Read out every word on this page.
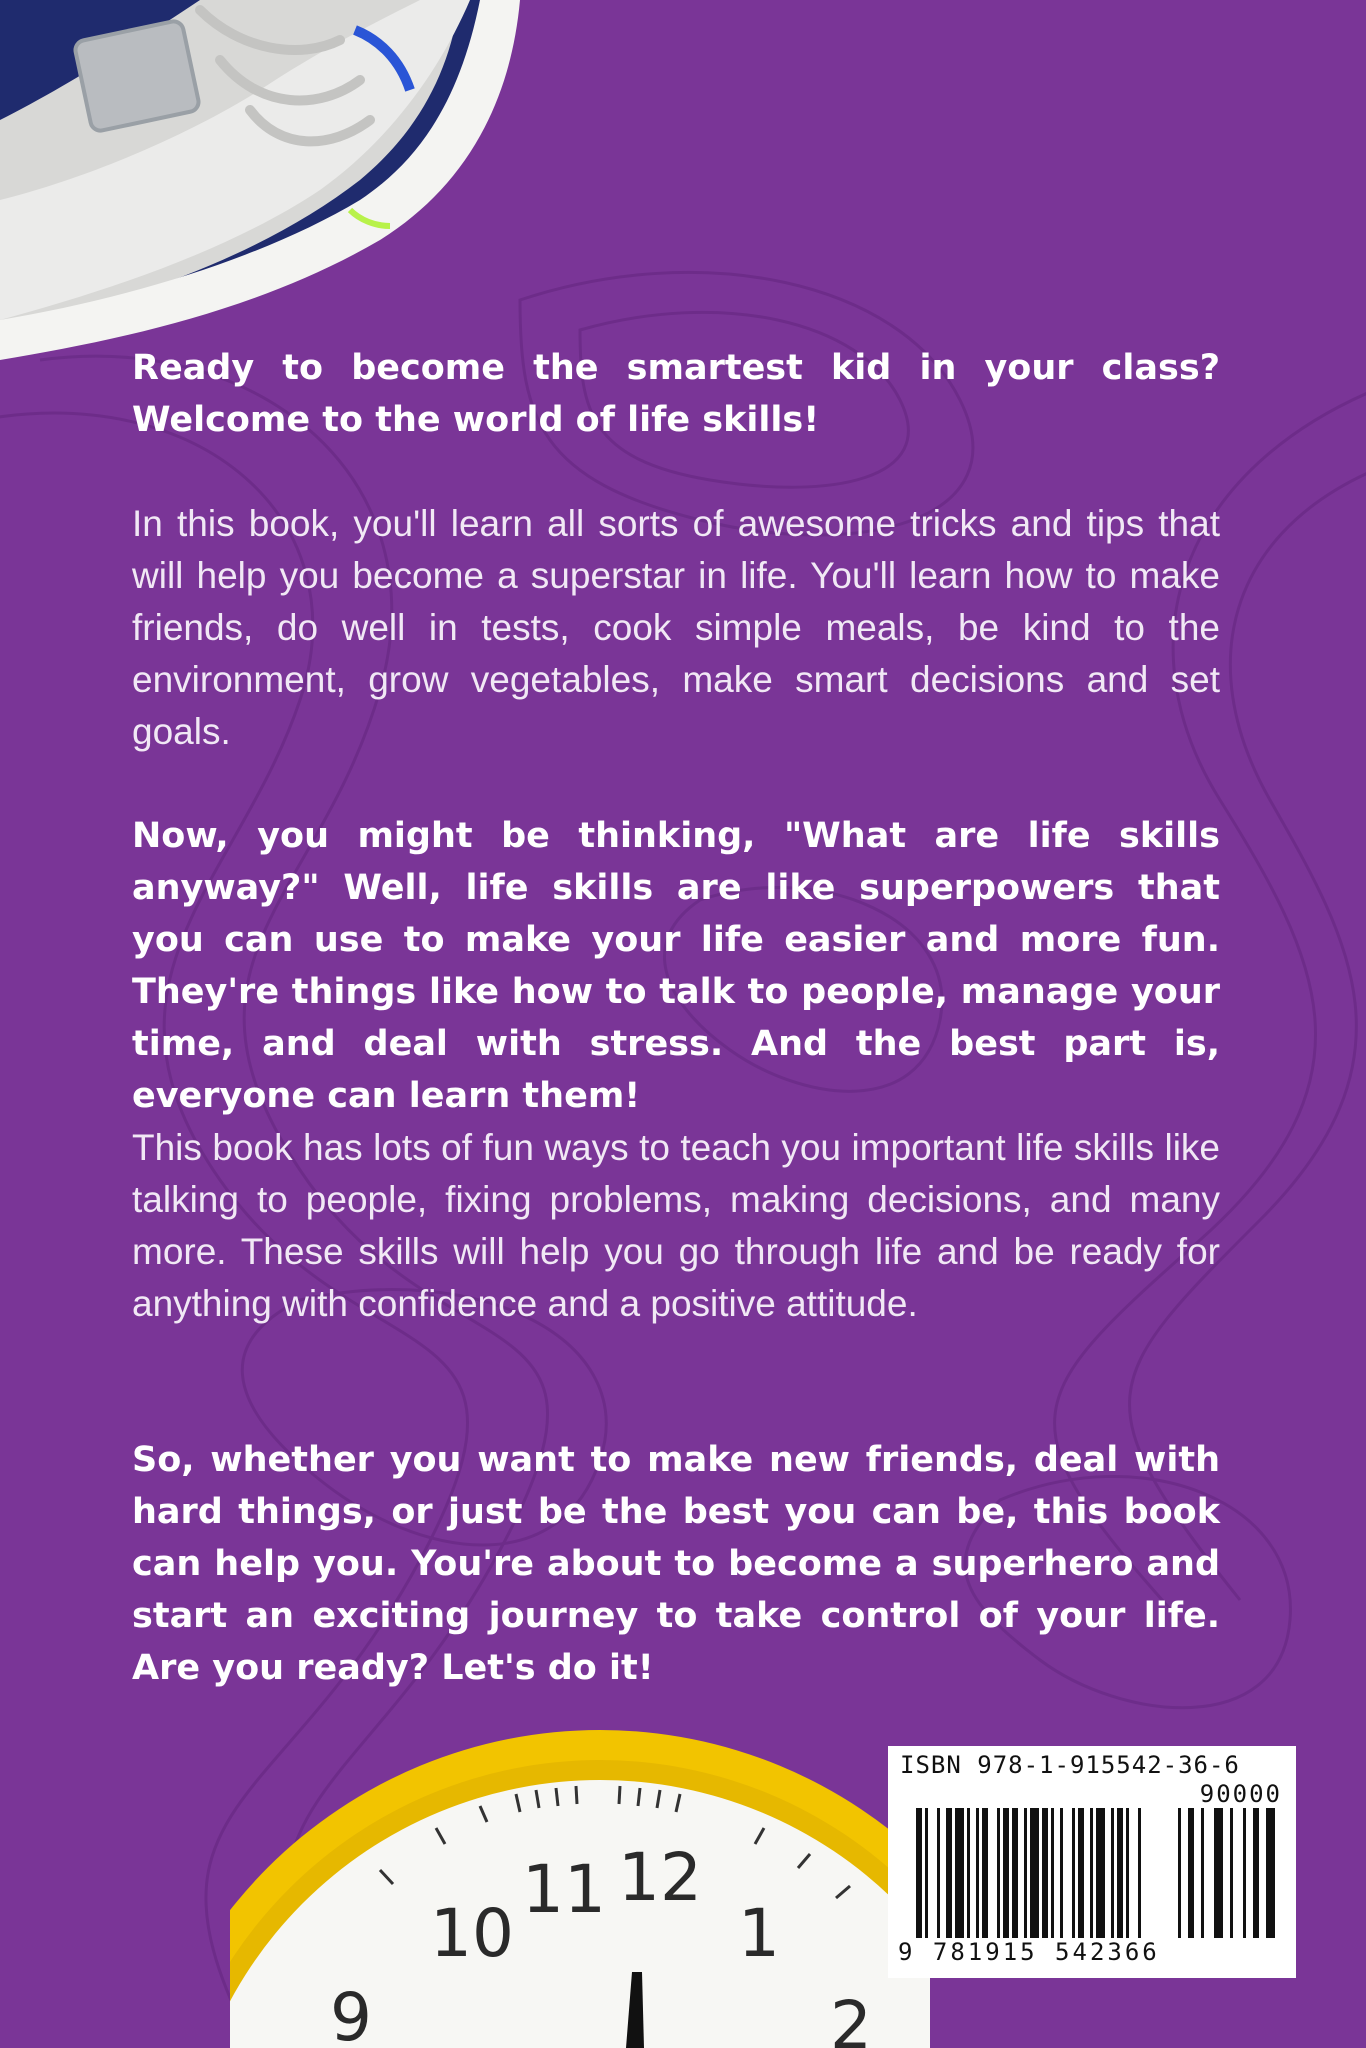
Ready to become the smartest kid in your class? Welcome to the world of life skills!

In this book, you'll learn all sorts of awesome tricks and tips that will help you become a superstar in life. You'll learn how to make friends, do well in tests, cook simple meals, be kind to the environment, grow vegetables, make smart decisions and set goals.

Now, you might be thinking, "What are life skills anyway?" Well, life skills are like superpowers that you can use to make your life easier and more fun. They're things like how to talk to people, manage your time, and deal with stress. And the best part is, everyone can learn them!

This book has lots of fun ways to teach you important life skills like talking to people, fixing problems, making decisions, and many more. These skills will help you go through life and be ready for anything with confidence and a positive attitude.

So, whether you want to make new friends, deal with hard things, or just be the best you can be, this book can help you. You're about to become a superhero and start an exciting journey to take control of your life. Are you ready? Let's do it!

9
10
11 12
1
2
ISBN 978-1-915542-36-6
90000
9 781915 542366
